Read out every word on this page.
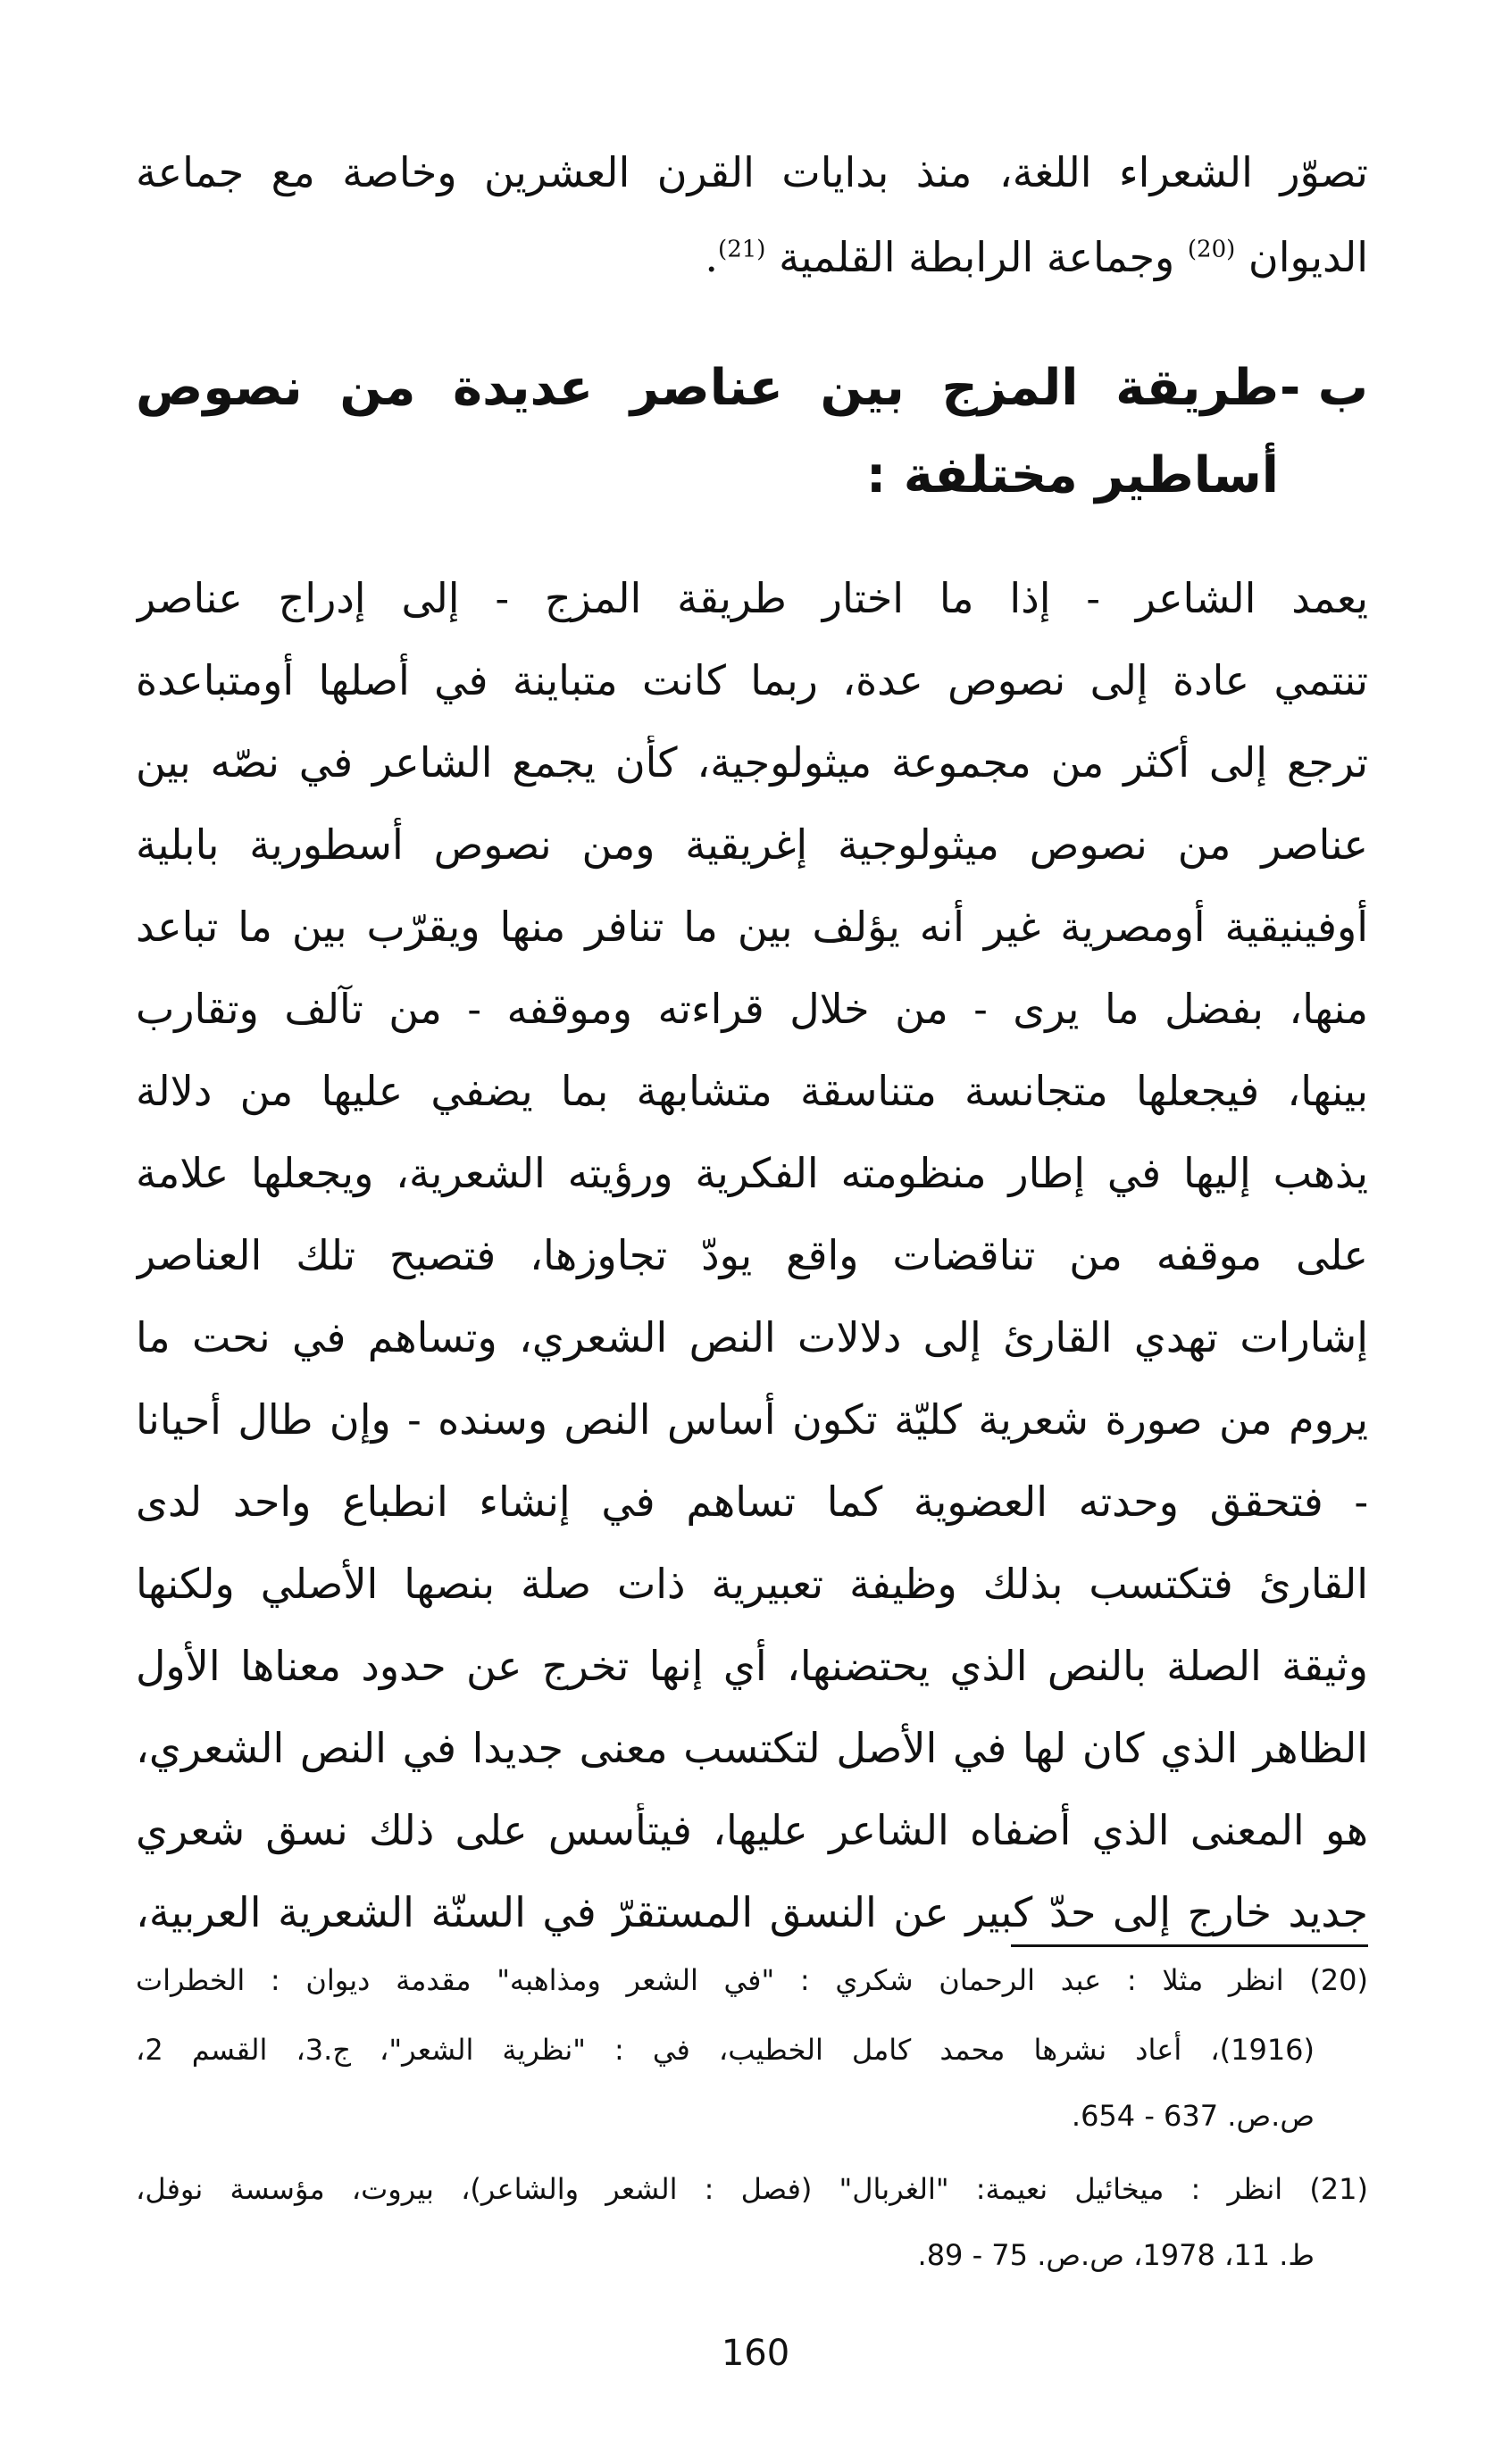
تصوّر الشعراء اللغة، منذ بدايات القرن العشرين وخاصة مع جماعة
الديوان $^{(20)}$ وجماعة الرابطة القلمية $^{(21)}$.
ب -
طريقة المزج بين عناصر عديدة من نصوص
أساطير مختلفة :
يعمد الشاعر - إذا ما اختار طريقة المزج - إلى إدراج عناصر
تنتمي عادة إلى نصوص عدة، ربما كانت متباينة في أصلها أومتباعدة
ترجع إلى أكثر من مجموعة ميثولوجية، كأن يجمع الشاعر في نصّه بين
عناصر من نصوص ميثولوجية إغريقية ومن نصوص أسطورية بابلية
أوفينيقية أومصرية غير أنه يؤلف بين ما تنافر منها ويقرّب بين ما تباعد
منها، بفضل ما يرى - من خلال قراءته وموقفه - من تآلف وتقارب
بينها، فيجعلها متجانسة متناسقة متشابهة بما يضفي عليها من دلالة
يذهب إليها في إطار منظومته الفكرية ورؤيته الشعرية، ويجعلها علامة
على موقفه من تناقضات واقع يودّ تجاوزها، فتصبح تلك العناصر
إشارات تهدي القارئ إلى دلالات النص الشعري، وتساهم في نحت ما
يروم من صورة شعرية كليّة تكون أساس النص وسنده - وإن طال أحيانا
- فتحقق وحدته العضوية كما تساهم في إنشاء انطباع واحد لدى
القارئ فتكتسب بذلك وظيفة تعبيرية ذات صلة بنصها الأصلي ولكنها
وثيقة الصلة بالنص الذي يحتضنها، أي إنها تخرج عن حدود معناها الأول
الظاهر الذي كان لها في الأصل لتكتسب معنى جديدا في النص الشعري،
هو المعنى الذي أضفاه الشاعر عليها، فيتأسس على ذلك نسق شعري
جديد خارج إلى حدّ كبير عن النسق المستقرّ في السنّة الشعرية العربية،
(20) انظر مثلا : عبد الرحمان شكري : "في الشعر ومذاهبه" مقدمة ديوان : الخطرات
(1916)، أعاد نشرها محمد كامل الخطيب، في : "نظرية الشعر"، ج.3، القسم 2،
ص.ص. 637 - 654.
(21) انظر : ميخائيل نعيمة: "الغربال" (فصل : الشعر والشاعر)، بيروت، مؤسسة نوفل،
ط. 11، 1978، ص.ص. 75 - 89.
160
